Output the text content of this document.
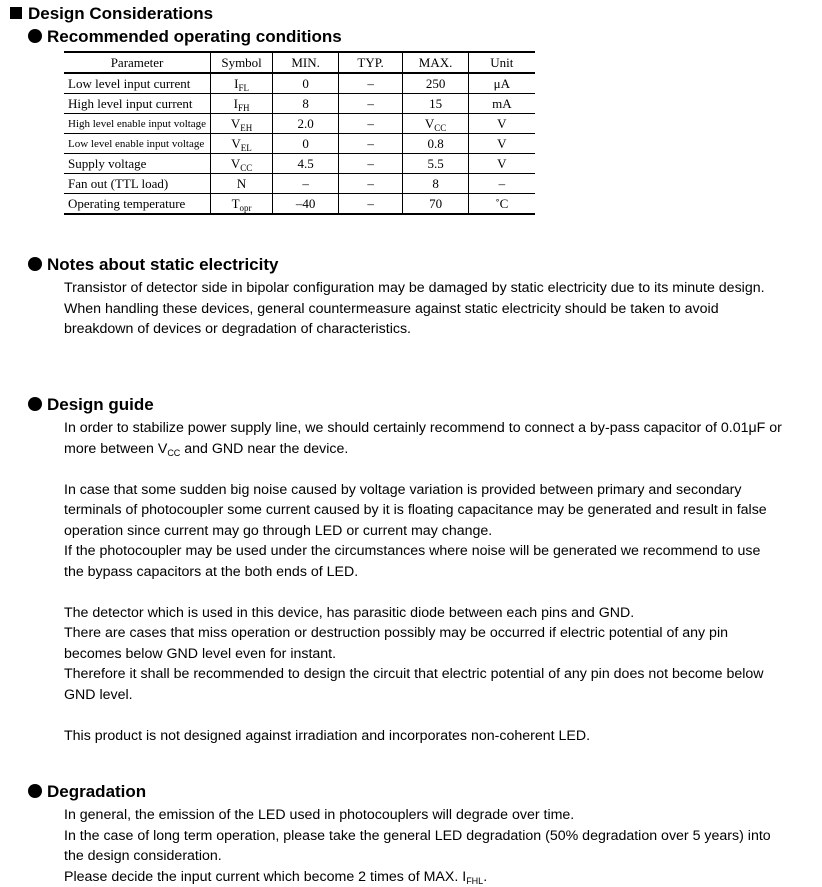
Design Considerations
Recommended operating conditions
Parameter	Symbol	MIN.	TYP.	MAX.	Unit
Low level input current	$I_{FL}$	0	–	250	μA
High level input current	$I_{FH}$	8	–	15	mA
High level enable input voltage	$V_{EH}$	2.0	–	$V_{CC}$	V
Low level enable input voltage	$V_{EL}$	0	–	0.8	V
Supply voltage	$V_{CC}$	4.5	–	5.5	V
Fan out (TTL load)	N	–	–	8	–
Operating temperature	$T_{opr}$	–40	–	70	˚C
Notes about static electricity

Transistor of detector side in bipolar configuration may be damaged by static electricity due to its minute design.

When handling these devices, general countermeasure against static electricity should be taken to avoid breakdown of devices or degradation of characteristics.

Design guide

In order to stabilize power supply line, we should certainly recommend to connect a by-pass capacitor of 0.01μF or more between $V_{CC}$ and GND near the device.

In case that some sudden big noise caused by voltage variation is provided between primary and secondary terminals of photocoupler some current caused by it is floating capacitance may be generated and result in false operation since current may go through LED or current may change.

If the photocoupler may be used under the circumstances where noise will be generated we recommend to use the bypass capacitors at the both ends of LED.

The detector which is used in this device, has parasitic diode between each pins and GND.

There are cases that miss operation or destruction possibly may be occurred if electric potential of any pin becomes below GND level even for instant.

Therefore it shall be recommended to design the circuit that electric potential of any pin does not become below GND level.

This product is not designed against irradiation and incorporates non-coherent LED.

Degradation

In general, the emission of the LED used in photocouplers will degrade over time.

In the case of long term operation, please take the general LED degradation (50% degradation over 5 years) into the design consideration.

Please decide the input current which become 2 times of MAX. $I_{FHL}$.
